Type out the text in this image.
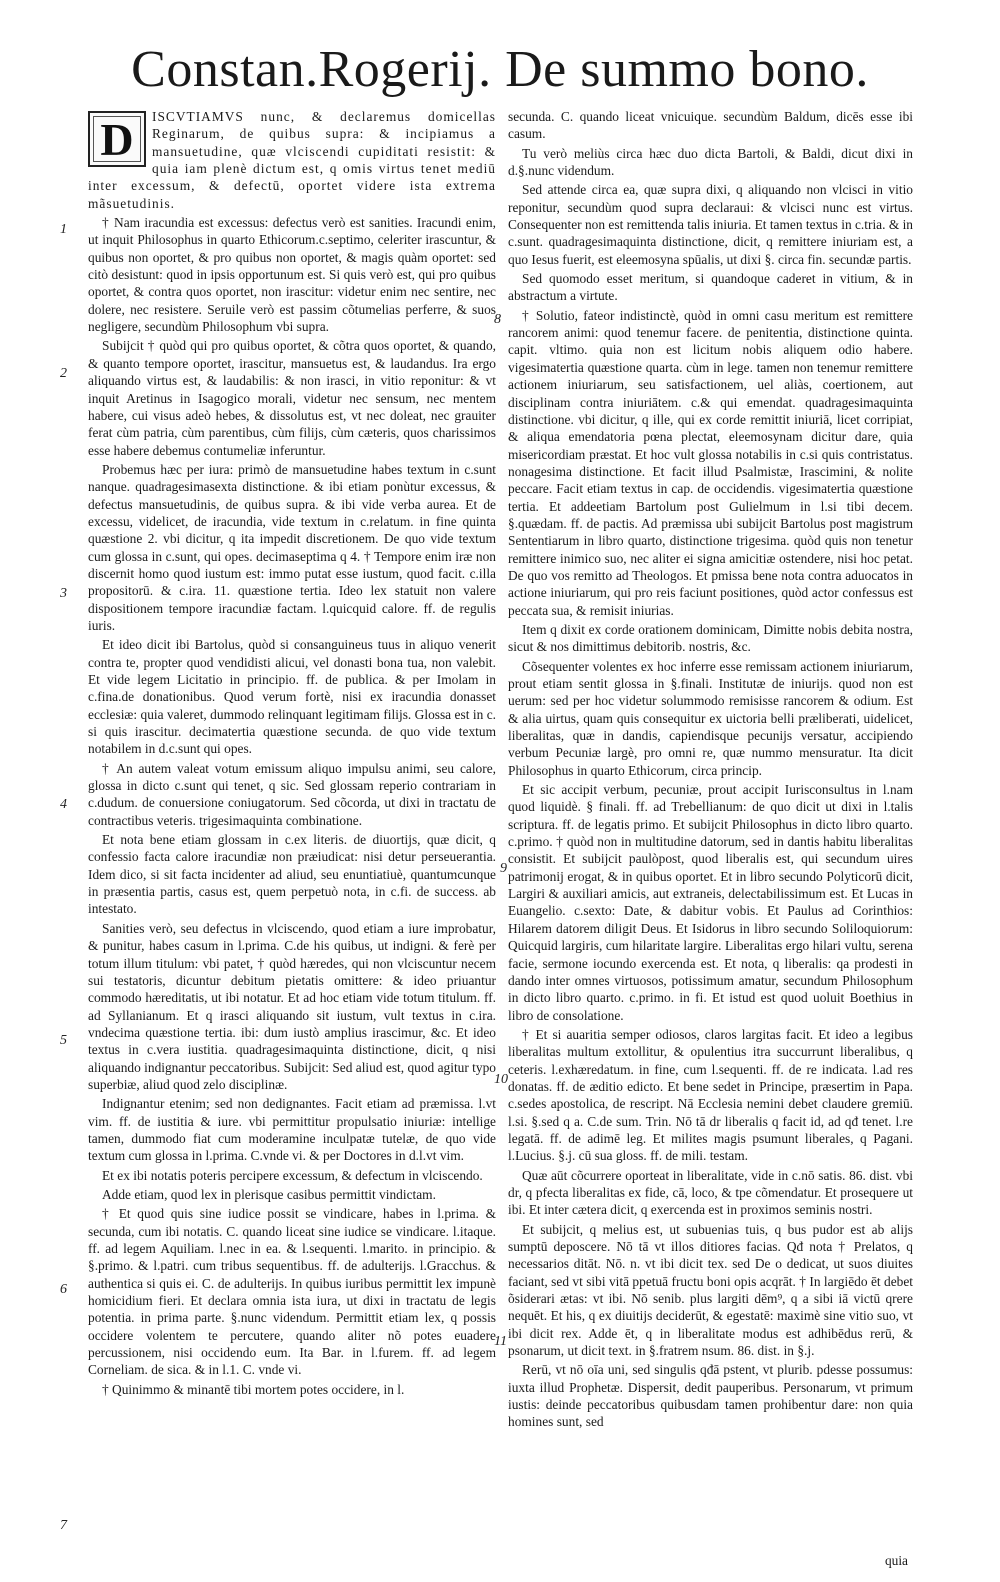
Constan.Rogerij. De summo bono.
D	ISCVTIAMVS nunc, & declaremus domicellas Reginarum, de quibus supra: & incipiamus a mansuetudine, quæ vlciscendi cupiditati resistit: & quia iam plenè dictum est, q omis virtus tenet mediū inter excessum, & defectū, oportet videre ista extrema mãsuetudinis.

† Nam iracundia est excessus: defectus verò est sanities. Iracundi enim, ut inquit Philosophus in quarto Ethicorum.c.septimo, celeriter irascuntur, & quibus non oportet, & pro quibus non oportet, & magis quàm oportet: sed citò desistunt: quod in ipsis opportunum est. Si quis verò est, qui pro quibus oportet, & contra quos oportet, non irascitur: videtur enim nec sentire, nec dolere, nec resistere. Seruile verò est passim cõtumelias perferre, & suos negligere, secundùm Philosophum vbi supra.

Subijcit † quòd qui pro quibus oportet, & cõtra quos oportet, & quando, & quanto tempore oportet, irascitur, mansuetus est, & laudandus. Ira ergo aliquando virtus est, & laudabilis: & non irasci, in vitio reponitur: & vt inquit Aretinus in Isagogico morali, videtur nec sensum, nec mentem habere, cui visus adeò hebes, & dissolutus est, vt nec doleat, nec grauiter ferat cùm patria, cùm parentibus, cùm filijs, cùm cæteris, quos charissimos esse habere debemus contumeliæ inferuntur.

Probemus hæc per iura: primò de mansuetudine habes textum in c.sunt nanque. quadragesimasexta distinctione. & ibi etiam ponùtur excessus, & defectus mansuetudinis, de quibus supra. & ibi vide verba aurea. Et de excessu, videlicet, de iracundia, vide textum in c.relatum. in fine quinta quæstione 2. vbi dicitur, q ita impedit discretionem. De quo vide textum cum glossa in c.sunt, qui opes. decimaseptima q 4. † Tempore enim iræ non discernit homo quod iustum est: immo putat esse iustum, quod facit. c.illa propositorū. & c.ira. 11. quæstione tertia. Ideo lex statuit non valere dispositionem tempore iracundiæ factam. l.quicquid calore. ff. de regulis iuris.

Et ideo dicit ibi Bartolus, quòd si consanguineus tuus in aliquo venerit contra te, propter quod vendidisti alicui, vel donasti bona tua, non valebit. Et vide legem Licitatio in principio. ff. de publica. & per Imolam in c.fina.de donationibus. Quod verum fortè, nisi ex iracundia donasset ecclesiæ: quia valeret, dummodo relinquant legitimam filijs. Glossa est in c. si quis irascitur. decimatertia quæstione secunda. de quo vide textum notabilem in d.c.sunt qui opes.

† An autem valeat votum emissum aliquo impulsu animi, seu calore, glossa in dicto c.sunt qui tenet, q sic. Sed glossam reperio contrariam in c.dudum. de conuersione coniugatorum. Sed cõcorda, ut dixi in tractatu de contractibus veteris. trigesimaquinta combinatione.

Et nota bene etiam glossam in c.ex literis. de diuortijs, quæ dicit, q confessio facta calore iracundiæ non præiudicat: nisi detur perseuerantia. Idem dico, si sit facta incidenter ad aliud, seu enuntiatiuè, quantumcunque in præsentia partis, casus est, quem perpetuò nota, in c.fi. de success. ab intestato.

Sanities verò, seu defectus in vlciscendo, quod etiam a iure improbatur, & punitur, habes casum in l.prima. C.de his quibus, ut indigni. & ferè per totum illum titulum: vbi patet, † quòd hæredes, qui non vlciscuntur necem sui testatoris, dicuntur debitum pietatis omittere: & ideo priuantur commodo hæreditatis, ut ibi notatur. Et ad hoc etiam vide totum titulum. ff. ad Syllanianum. Et q irasci aliquando sit iustum, vult textus in c.ira. vndecima quæstione tertia. ibi: dum iustò amplius irascimur, &c. Et ideo textus in c.vera iustitia. quadragesimaquinta distinctione, dicit, q nisi aliquando indignantur peccatoribus. Subijcit: Sed aliud est, quod agitur typo superbiæ, aliud quod zelo disciplinæ.

Indignantur etenim; sed non dedignantes. Facit etiam ad præmissa. l.vt vim. ff. de iustitia & iure. vbi permittitur propulsatio iniuriæ: intellige tamen, dummodo fiat cum moderamine inculpatæ tutelæ, de quo vide textum cum glossa in l.prima. C.vnde vi. & per Doctores in d.l.vt vim.

Et ex ibi notatis poteris percipere excessum, & defectum in vlciscendo.

Adde etiam, quod lex in plerisque casibus permittit vindictam.

† Et quod quis sine iudice possit se vindicare, habes in l.prima. & secunda, cum ibi notatis. C. quando liceat sine iudice se vindicare. l.itaque. ff. ad legem Aquiliam. l.nec in ea. & l.sequenti. l.marito. in principio. & §.primo. & l.patri. cum tribus sequentibus. ff. de adulterijs. l.Gracchus. & authentica si quis ei. C. de adulterijs. In quibus iuribus permittit lex impunè homicidium fieri. Et declara omnia ista iura, ut dixi in tractatu de legis potentia. in prima parte. §.nunc videndum. Permittit etiam lex, q possis occidere volentem te percutere, quando aliter nõ potes euadere percussionem, nisi occidendo eum. Ita Bar. in l.furem. ff. ad legem Corneliam. de sica. & in l.1. C. vnde vi.

† Quinimmo & minantē tibi mortem potes occidere, in l.

secunda. C. quando liceat vnicuique. secundùm Baldum, dicēs esse ibi casum.

Tu verò meliùs circa hæc duo dicta Bartoli, & Baldi, dicut dixi in d.§.nunc videndum.

Sed attende circa ea, quæ supra dixi, q aliquando non vlcisci in vitio reponitur, secundùm quod supra declaraui: & vlcisci nunc est virtus. Consequenter non est remittenda talis iniuria. Et tamen textus in c.tria. & in c.sunt. quadragesimaquinta distinctione, dicit, q remittere iniuriam est, a quo Iesus fuerit, est eleemosyna spūalis, ut dixi §. circa fin. secundæ partis.

Sed quomodo esset meritum, si quandoque caderet in vitium, & in abstractum a virtute.

† Solutio, fateor indistinctè, quòd in omni casu meritum est remittere rancorem animi: quod tenemur facere. de penitentia, distinctione quinta. capit. vltimo. quia non est licitum nobis aliquem odio habere. vigesimatertia quæstione quarta. cùm in lege. tamen non tenemur remittere actionem iniuriarum, seu satisfactionem, uel aliàs, coertionem, aut disciplinam contra iniuriātem. c.& qui emendat. quadragesimaquinta distinctione. vbi dicitur, q ille, qui ex corde remittit iniuriā, licet corripiat, & aliqua emendatoria pœna plectat, eleemosynam dicitur dare, quia misericordiam præstat. Et hoc vult glossa notabilis in c.si quis contristatus. nonagesima distinctione. Et facit illud Psalmistæ, Irascimini, & nolite peccare. Facit etiam textus in cap. de occidendis. vigesimatertia quæstione tertia. Et addeetiam Bartolum post Gulielmum in l.si tibi decem. §.quædam. ff. de pactis. Ad præmissa ubi subijcit Bartolus post magistrum Sententiarum in libro quarto, distinctione trigesima. quòd quis non tenetur remittere inimico suo, nec aliter ei signa amicitiæ ostendere, nisi hoc petat. De quo vos remitto ad Theologos. Et pmissa bene nota contra aduocatos in actione iniuriarum, qui pro reis faciunt positiones, quòd actor confessus est peccata sua, & remisit iniurias.

Item q dixit ex corde orationem dominicam, Dimitte nobis debita nostra, sicut & nos dimittimus debitorib. nostris, &c.

Cõsequenter volentes ex hoc inferre esse remissam actionem iniuriarum, prout etiam sentit glossa in §.finali. Institutæ de iniurijs. quod non est uerum: sed per hoc videtur solummodo remisisse rancorem & odium. Est & alia uirtus, quam quis consequitur ex uictoria belli præliberati, uidelicet, liberalitas, quæ in dandis, capiendisque pecunijs versatur, accipiendo verbum Pecuniæ largè, pro omni re, quæ nummo mensuratur. Ita dicit Philosophus in quarto Ethicorum, circa princip.

Et sic accipit verbum, pecuniæ, prout accipit Iurisconsultus in l.nam quod liquidè. § finali. ff. ad Trebellianum: de quo dicit ut dixi in l.talis scriptura. ff. de legatis primo. Et subijcit Philosophus in dicto libro quarto. c.primo. † quòd non in multitudine datorum, sed in dantis habitu liberalitas consistit. Et subijcit paulòpost, quod liberalis est, qui secundum uires patrimonij erogat, & in quibus oportet. Et in libro secundo Polyticorū dicit, Largiri & auxiliari amicis, aut extraneis, delectabilissimum est. Et Lucas in Euangelio. c.sexto: Date, & dabitur vobis. Et Paulus ad Corinthios: Hilarem datorem diligit Deus. Et Isidorus in libro secundo Soliloquiorum: Quicquid largiris, cum hilaritate largire. Liberalitas ergo hilari vultu, serena facie, sermone iocundo exercenda est. Et nota, q liberalis: qa prodesti in dando inter omnes virtuosos, potissimum amatur, secundum Philosophum in dicto libro quarto. c.primo. in fi. Et istud est quod uoluit Boethius in libro de consolatione.

† Et si auaritia semper odiosos, claros largitas facit. Et ideo a legibus liberalitas multum extollitur, & opulentius itra succurrunt liberalibus, q ceteris. l.exhæredatum. in fine, cum l.sequenti. ff. de re indicata. l.ad res donatas. ff. de æditio edicto. Et bene sedet in Principe, præsertim in Papa. c.sedes apostolica, de rescript. Nā Ecclesia nemini debet claudere gremiū. l.si. §.sed q a. C.de sum. Trin. Nō tā dr liberalis q facit id, ad qđ tenet. l.re legatā. ff. de adimē leg. Et milites magis psumunt liberales, q Pagani. l.Lucius. §.j. cū sua gloss. ff. de mili. testam.

Quæ aūt cõcurrere oporteat in liberalitate, vide in c.nō satis. 86. dist. vbi dr, q pfecta liberalitas ex fide, cā, loco, & tpe cõmendatur. Et prosequere ut ibi. Et inter cætera dicit, q exercenda est in proximos seminis nostri.

Et subijcit, q melius est, ut subuenias tuis, q bus pudor est ab alijs sumptū deposcere. Nō tā vt illos ditiores facias. Qđ nota † Prelatos, q necessarios ditāt. Nō. n. vt ibi dicit tex. sed De o dedicat, ut suos diuites faciant, sed vt sibi vitā ppetuā fructu boni opis acqrāt. † In largiēdo ēt debet õsiderari ætas: vt ibi. Nō senib. plus largiti dēm⁹, q a sibi iā victū qrere nequēt. Et his, q ex diuitijs deciderūt, & egestatē: maximè sine vitio suo, vt ibi dicit rex. Adde ēt, q in liberalitate modus est adhibēdus rerū, & psonarum, ut dicit text. in §.fratrem nsum. 86. dist. in §.j.

Rerū, vt nō oīa uni, sed singulis qđā pstent, vt plurib. pdesse possumus: iuxta illud Prophetæ. Dispersit, dedit pauperibus. Personarum, vt primum iustis: deinde peccatoribus quibusdam tamen prohibentur dare: non quia homines sunt, sed

1
2
3
4
5
6
7
8
9
10
11
quia
